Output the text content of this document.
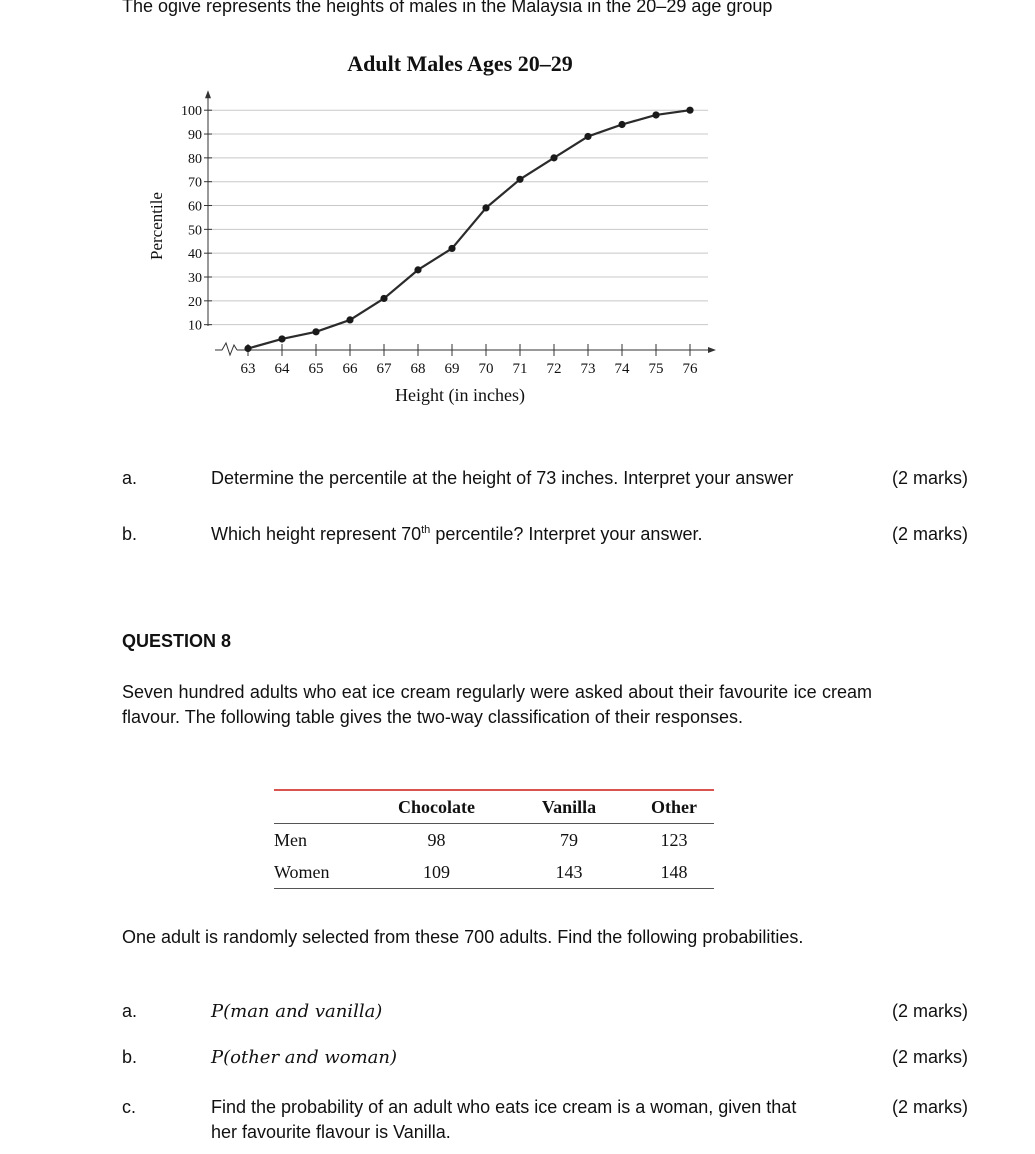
The ogive represents the heights of males in the Malaysia in the 20–29 age group
10
20
30
40
50
60
70
80
90
100
63 64 65 66 67 68 69 70 71 72 73 74 75 76
Adult Males Ages 20–29
Height (in inches)
Percentile
a.	Determine the percentile at the height of 73 inches. Interpret your answer	(2 marks)
b.	Which height represent 70th percentile? Interpret your answer.	(2 marks)
QUESTION 8
Seven hundred adults who eat ice cream regularly were asked about their favourite ice cream flavour. The following table gives the two-way classification of their responses.
	Chocolate	Vanilla	Other
Men	98	79	123
Women	109	143	148
One adult is randomly selected from these 700 adults. Find the following probabilities.
a.	P(man and vanilla)	(2 marks)
b.	P(other and woman)	(2 marks)
c.	Find the probability of an adult who eats ice cream is a woman, given that
her favourite flavour is Vanilla.
(2 marks)
